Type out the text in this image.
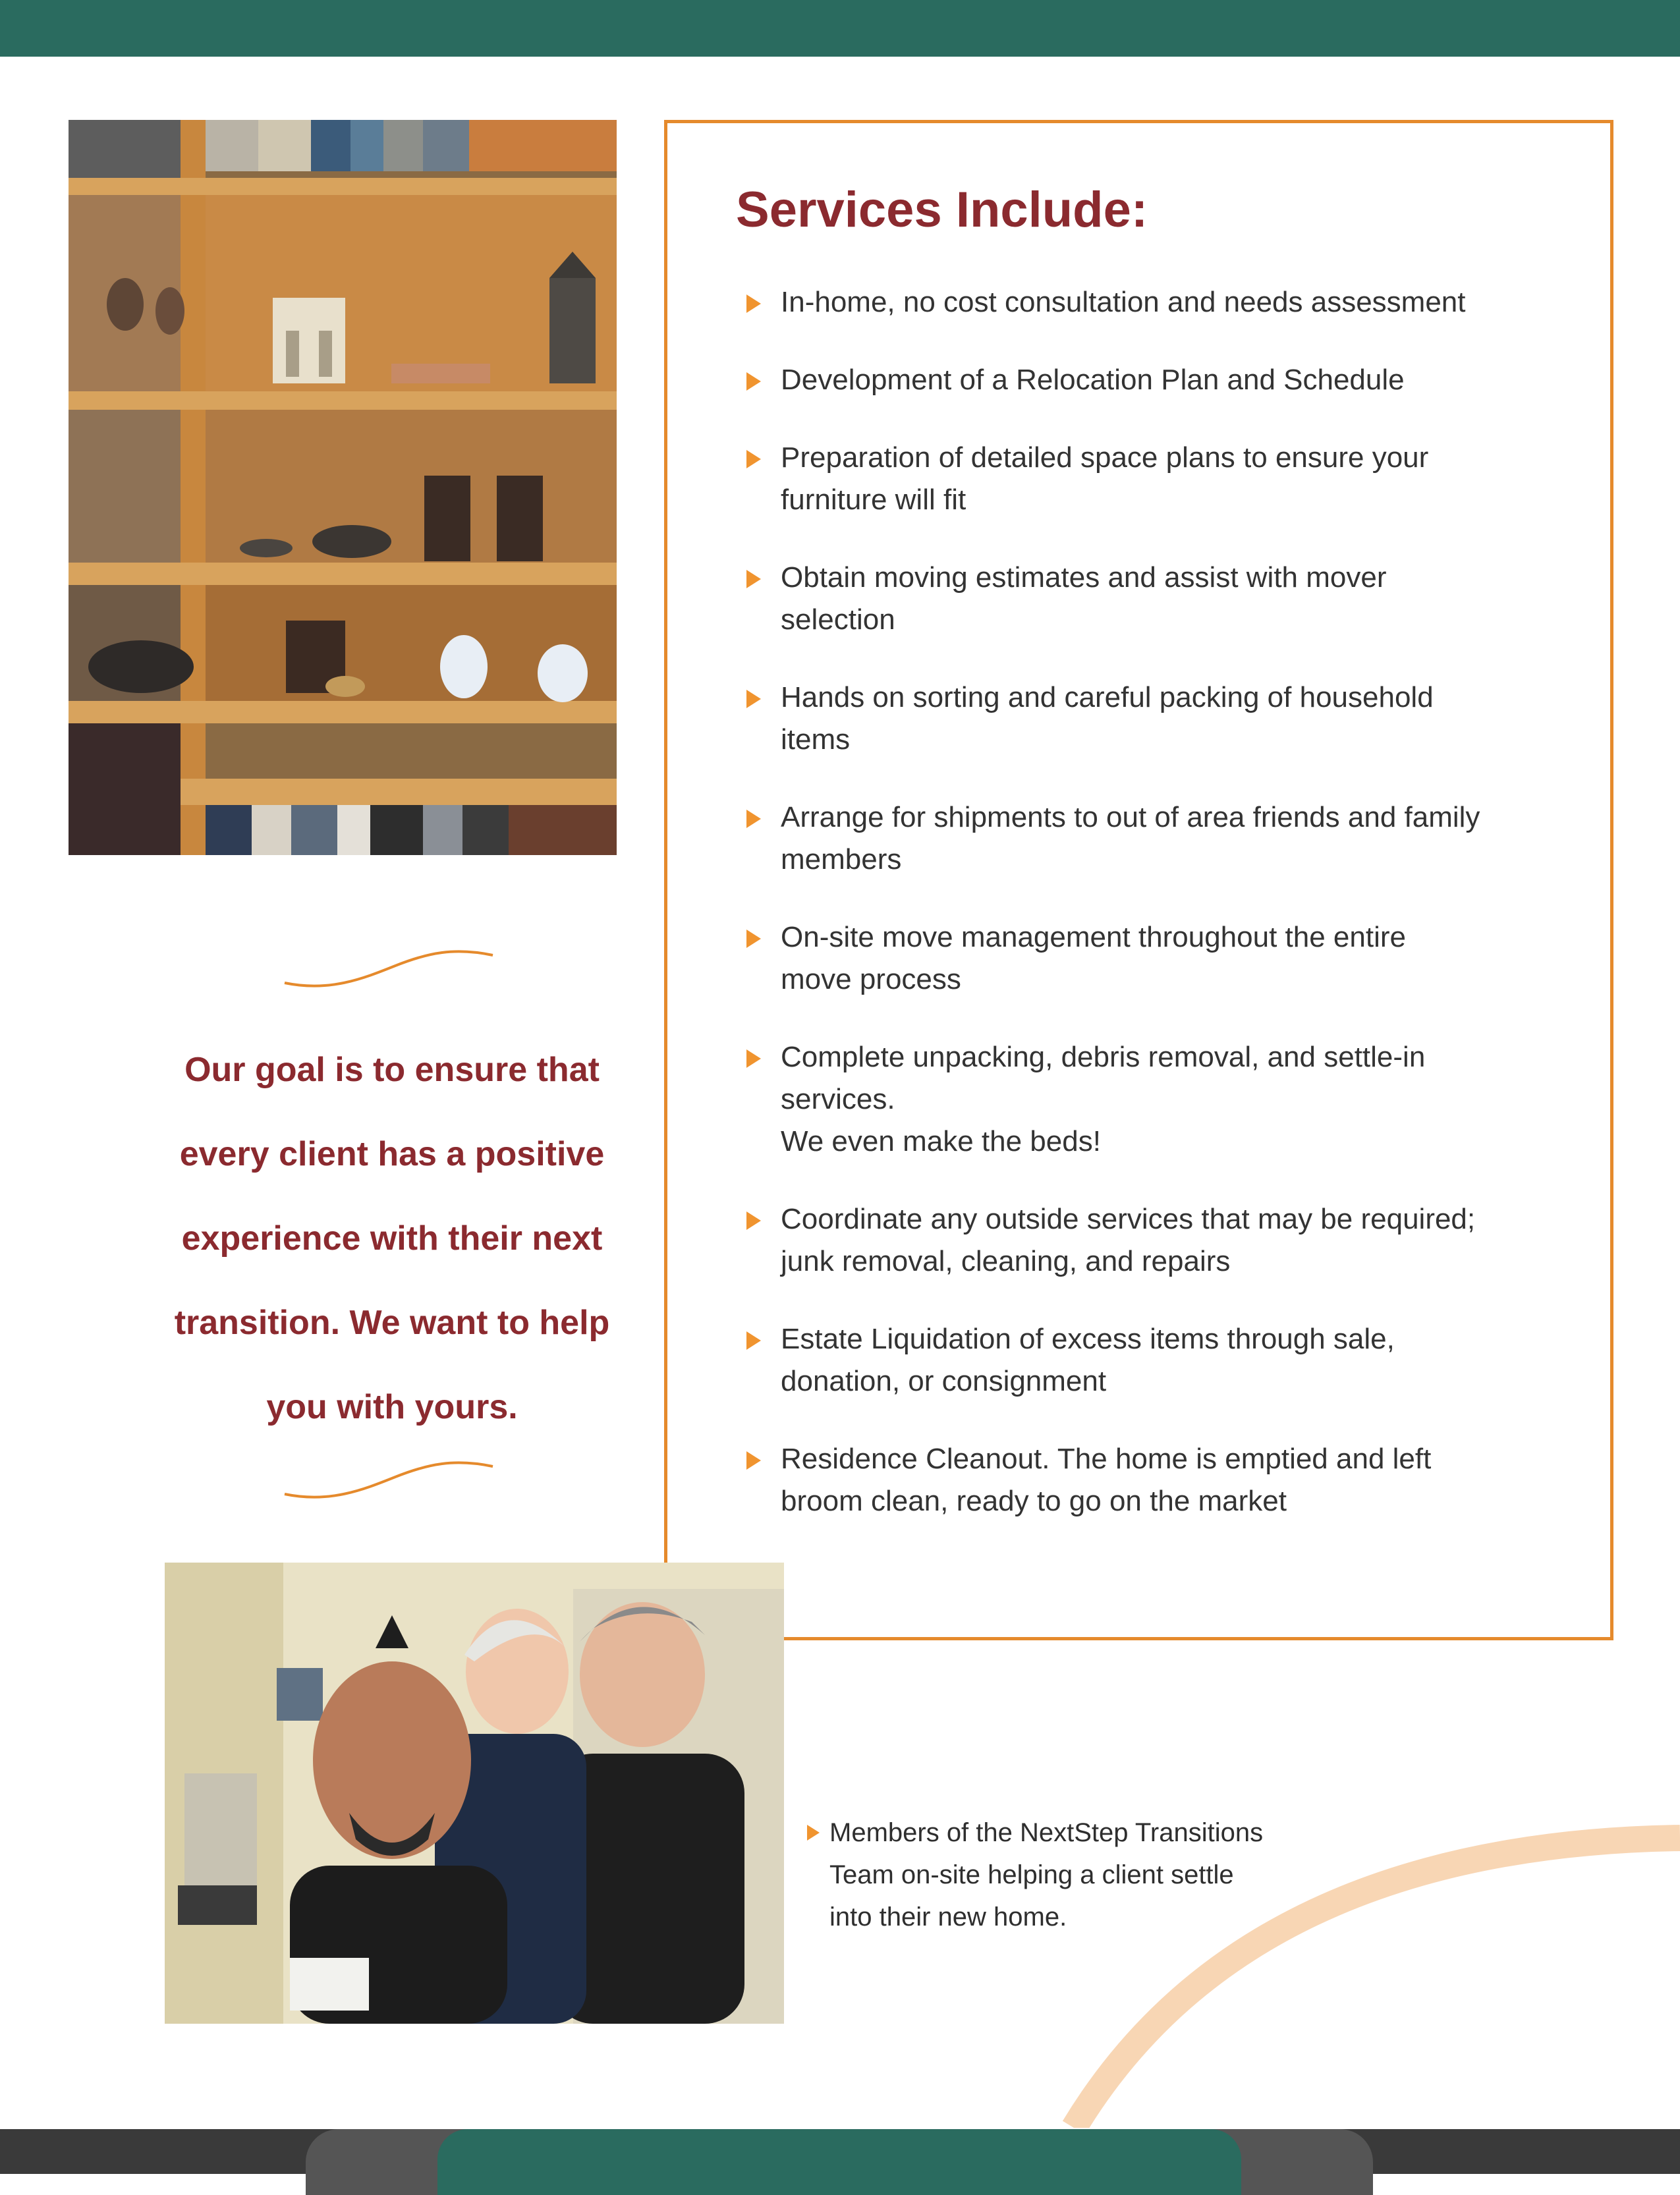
Services Include:
In-home, no cost consultation and needs assessment
Development of a Relocation Plan and Schedule
Preparation of detailed space plans to ensure your
furniture will fit
Obtain moving estimates and assist with mover
selection
Hands on sorting and careful packing of household
items
Arrange for shipments to out of area friends and family
members
On-site move management throughout the entire
move process
Complete unpacking, debris removal, and settle-in
services.
We even make the beds!
Coordinate any outside services that may be required;
junk removal, cleaning, and repairs
Estate Liquidation of excess items through sale,
donation, or consignment
Residence Cleanout. The home is emptied and left
broom clean, ready to go on the market
Our goal is to ensure that
every client has a positive
experience with their next
transition. We want to help
you with yours.
Members of the NextStep Transitions
Team on-site helping a client settle
into their new home.
